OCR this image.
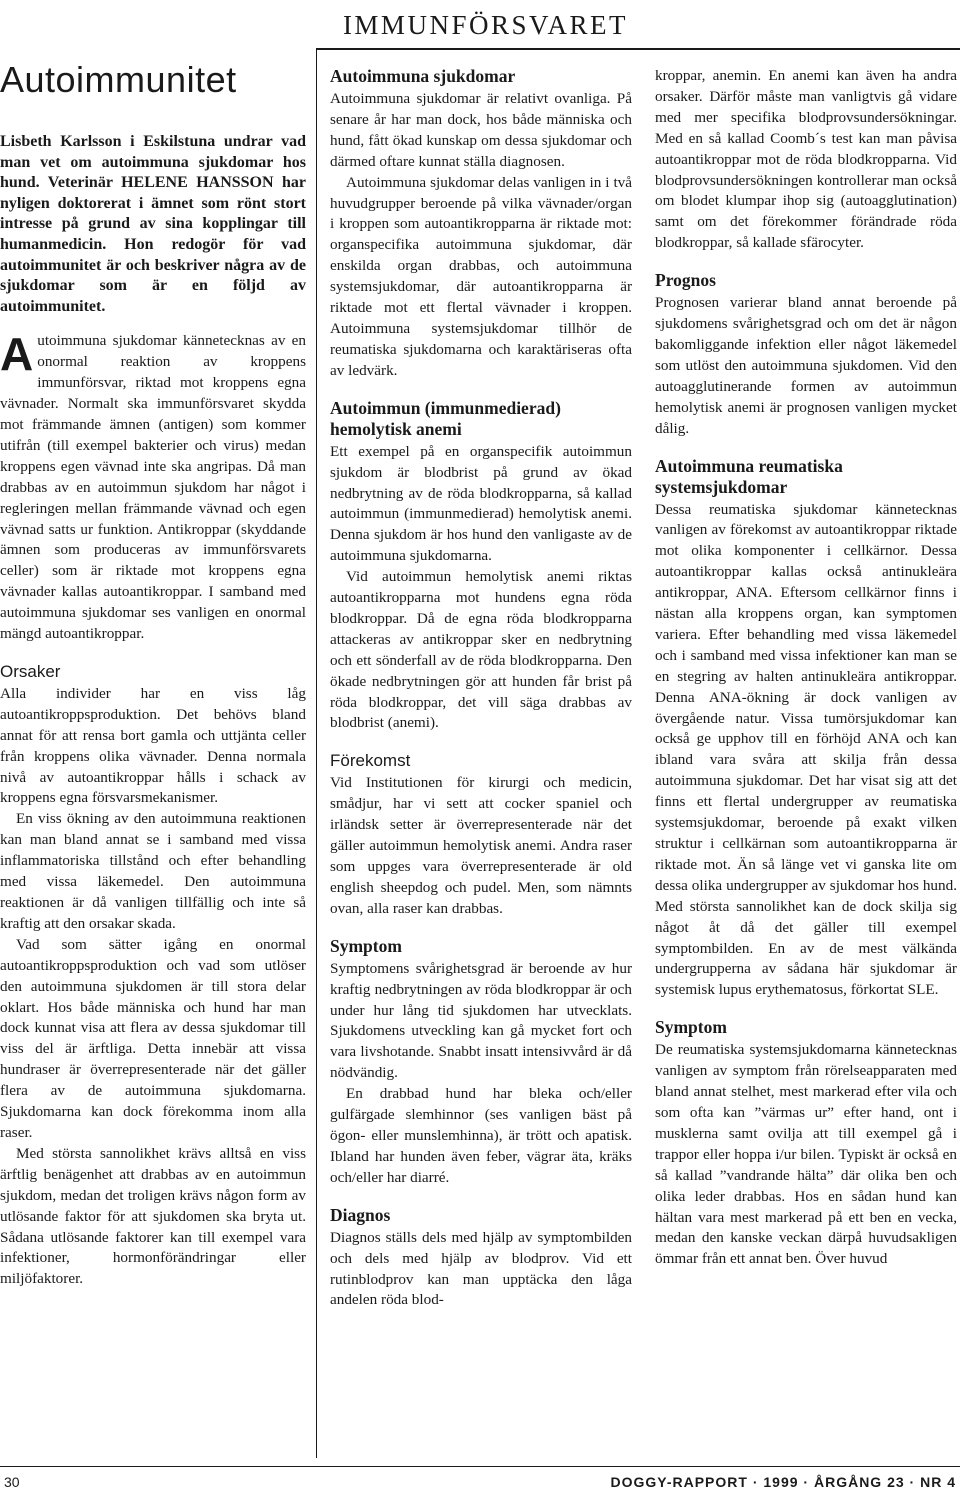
IMMUNFÖRSVARET
Autoimmunitet

Lisbeth Karlsson i Eskilstuna undrar vad man vet om autoimmuna sjukdomar hos hund. Veterinär HELENE HANSSON har nyligen doktorerat i ämnet som rönt stort intresse på grund av sina kopplingar till humanmedicin. Hon redogör för vad autoimmunitet är och beskriver några av de sjukdomar som är en följd av autoimmunitet.

Autoimmuna sjukdomar kännetecknas av en onormal reaktion av kroppens immunförsvar, riktad mot kroppens egna vävnader. Normalt ska immunförsvaret skydda mot främmande ämnen (antigen) som kommer utifrån (till exempel bakterier och virus) medan kroppens egen vävnad inte ska angripas. Då man drabbas av en autoimmun sjukdom har något i regleringen mellan främmande vävnad och egen vävnad satts ur funktion. Antikroppar (skyddande ämnen som produceras av immunförsvarets celler) som är riktade mot kroppens egna vävnader kallas autoantikroppar. I samband med autoimmuna sjukdomar ses vanligen en onormal mängd autoantikroppar.

Orsaker

Alla individer har en viss låg autoantikroppsproduktion. Det behövs bland annat för att rensa bort gamla och uttjänta celler från kroppens olika vävnader. Denna normala nivå av autoantikroppar hålls i schack av kroppens egna försvarsmekanismer.

En viss ökning av den autoimmuna reaktionen kan man bland annat se i samband med vissa inflammatoriska tillstånd och efter behandling med vissa läkemedel. Den autoimmuna reaktionen är då vanligen tillfällig och inte så kraftig att den orsakar skada.

Vad som sätter igång en onormal autoantikroppsproduktion och vad som utlöser den autoimmuna sjukdomen är till stora delar oklart. Hos både människa och hund har man dock kunnat visa att flera av dessa sjukdomar till viss del är ärftliga. Detta innebär att vissa hundraser är överrepresenterade när det gäller flera av de autoimmuna sjukdomarna. Sjukdomarna kan dock förekomma inom alla raser.

Med största sannolikhet krävs alltså en viss ärftlig benägenhet att drabbas av en autoimmun sjukdom, medan det troligen krävs någon form av utlösande faktor för att sjukdomen ska bryta ut. Sådana utlösande faktorer kan till exempel vara infektioner, hormonförändringar eller miljöfaktorer.

Autoimmuna sjukdomar

Autoimmuna sjukdomar är relativt ovanliga. På senare år har man dock, hos både människa och hund, fått ökad kunskap om dessa sjukdomar och därmed oftare kunnat ställa diagnosen.

Autoimmuna sjukdomar delas vanligen in i två huvudgrupper beroende på vilka vävnader/organ i kroppen som autoantikropparna är riktade mot: organspecifika autoimmuna sjukdomar, där enskilda organ drabbas, och autoimmuna systemsjukdomar, där autoantikropparna är riktade mot ett flertal vävnader i kroppen. Autoimmuna systemsjukdomar tillhör de reumatiska sjukdomarna och karaktäriseras ofta av ledvärk.

Autoimmun (immunmedierad) hemolytisk anemi

Ett exempel på en organspecifik autoimmun sjukdom är blodbrist på grund av ökad nedbrytning av de röda blodkropparna, så kallad autoimmun (immunmedierad) hemolytisk anemi. Denna sjukdom är hos hund den vanligaste av de autoimmuna sjukdomarna.

Vid autoimmun hemolytisk anemi riktas autoantikropparna mot hundens egna röda blodkroppar. Då de egna röda blodkropparna attackeras av antikroppar sker en nedbrytning och ett sönderfall av de röda blodkropparna. Den ökade nedbrytningen gör att hunden får brist på röda blodkroppar, det vill säga drabbas av blodbrist (anemi).

Förekomst

Vid Institutionen för kirurgi och medicin, smådjur, har vi sett att cocker spaniel och irländsk setter är överrepresenterade när det gäller autoimmun hemolytisk anemi. Andra raser som uppges vara överrepresenterade är old english sheepdog och pudel. Men, som nämnts ovan, alla raser kan drabbas.

Symptom

Symptomens svårighetsgrad är beroende av hur kraftig nedbrytningen av röda blodkroppar är och under hur lång tid sjukdomen har utvecklats. Sjukdomens utveckling kan gå mycket fort och vara livshotande. Snabbt insatt intensivvård är då nödvändig.

En drabbad hund har bleka och/eller gulfärgade slemhinnor (ses vanligen bäst på ögon- eller munslemhinna), är trött och apatisk. Ibland har hunden även feber, vägrar äta, kräks och/eller har diarré.

Diagnos

Diagnos ställs dels med hjälp av symptombilden och dels med hjälp av blodprov. Vid ett rutinblodprov kan man upptäcka den låga andelen röda blod-

kroppar, anemin. En anemi kan även ha andra orsaker. Därför måste man vanligtvis gå vidare med mer specifika blodprovsundersökningar. Med en så kallad Coomb´s test kan man påvisa autoantikroppar mot de röda blodkropparna. Vid blodprovsundersökningen kontrollerar man också om blodet klumpar ihop sig (autoagglutination) samt om det förekommer förändrade röda blodkroppar, så kallade sfärocyter.

Prognos

Prognosen varierar bland annat beroende på sjukdomens svårighetsgrad och om det är någon bakomliggande infektion eller något läkemedel som utlöst den autoimmuna sjukdomen. Vid den autoagglutinerande formen av autoimmun hemolytisk anemi är prognosen vanligen mycket dålig.

Autoimmuna reumatiska systemsjukdomar

Dessa reumatiska sjukdomar kännetecknas vanligen av förekomst av autoantikroppar riktade mot olika komponenter i cellkärnor. Dessa autoantikroppar kallas också antinukleära antikroppar, ANA. Eftersom cellkärnor finns i nästan alla kroppens organ, kan symptomen variera. Efter behandling med vissa läkemedel och i samband med vissa infektioner kan man se en stegring av halten antinukleära antikroppar. Denna ANA-ökning är dock vanligen av övergående natur. Vissa tumörsjukdomar kan också ge upphov till en förhöjd ANA och kan ibland vara svåra att skilja från dessa autoimmuna sjukdomar. Det har visat sig att det finns ett flertal undergrupper av reumatiska systemsjukdomar, beroende på exakt vilken struktur i cellkärnan som autoantikropparna är riktade mot. Än så länge vet vi ganska lite om dessa olika undergrupper av sjukdomar hos hund. Med största sannolikhet kan de dock skilja sig något åt då det gäller till exempel symptombilden. En av de mest välkända undergrupperna av sådana här sjukdomar är systemisk lupus erythematosus, förkortat SLE.

Symptom

De reumatiska systemsjukdomarna kännetecknas vanligen av symptom från rörelseapparaten med bland annat stelhet, mest markerad efter vila och som ofta kan ”värmas ur” efter hand, ont i musklerna samt ovilja att till exempel gå i trappor eller hoppa i/ur bilen. Typiskt är också en så kallad ”vandrande hälta” där olika ben och olika leder drabbas. Hos en sådan hund kan hältan vara mest markerad på ett ben en vecka, medan den kanske veckan därpå huvudsakligen ömmar från ett annat ben. Över huvud

30	DOGGY-RAPPORT · 1999 · ÅRGÅNG 23 · NR 4
